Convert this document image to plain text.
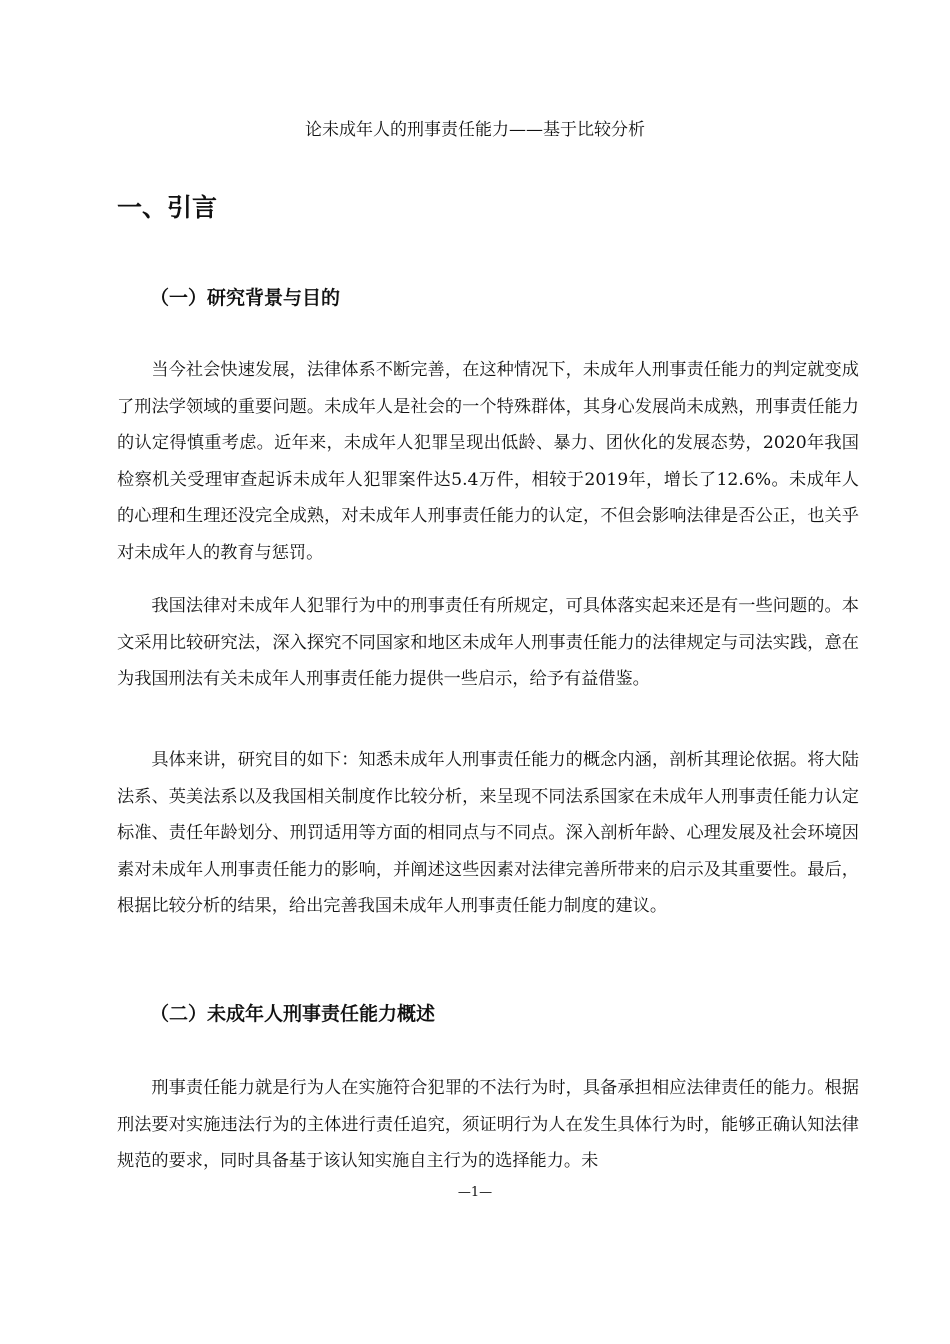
论未成年人的刑事责任能力——基于比较分析
一、引言
（一）研究背景与目的

当今社会快速发展，法律体系不断完善，在这种情况下，未成年人刑事责任能力的判定就变成了刑法学领域的重要问题。未成年人是社会的一个特殊群体，其身心发展尚未成熟，刑事责任能力的认定得慎重考虑。近年来，未成年人犯罪呈现出低龄、暴力、团伙化的发展态势，2020年我国检察机关受理审查起诉未成年人犯罪案件达5.4万件，相较于2019年，增长了12.6%。未成年人的心理和生理还没完全成熟，对未成年人刑事责任能力的认定，不但会影响法律是否公正，也关乎对未成年人的教育与惩罚。

我国法律对未成年人犯罪行为中的刑事责任有所规定，可具体落实起来还是有一些问题的。本文采用比较研究法，深入探究不同国家和地区未成年人刑事责任能力的法律规定与司法实践，意在为我国刑法有关未成年人刑事责任能力提供一些启示，给予有益借鉴。

具体来讲，研究目的如下：知悉未成年人刑事责任能力的概念内涵，剖析其理论依据。将大陆法系、英美法系以及我国相关制度作比较分析，来呈现不同法系国家在未成年人刑事责任能力认定标准、责任年龄划分、刑罚适用等方面的相同点与不同点。深入剖析年龄、心理发展及社会环境因素对未成年人刑事责任能力的影响，并阐述这些因素对法律完善所带来的启示及其重要性。最后，根据比较分析的结果，给出完善我国未成年人刑事责任能力制度的建议。

（二）未成年人刑事责任能力概述

刑事责任能力就是行为人在实施符合犯罪的不法行为时，具备承担相应法律责任的能力。根据刑法要对实施违法行为的主体进行责任追究，须证明行为人在发生具体行为时，能够正确认知法律规范的要求，同时具备基于该认知实施自主行为的选择能力。未

—1—
